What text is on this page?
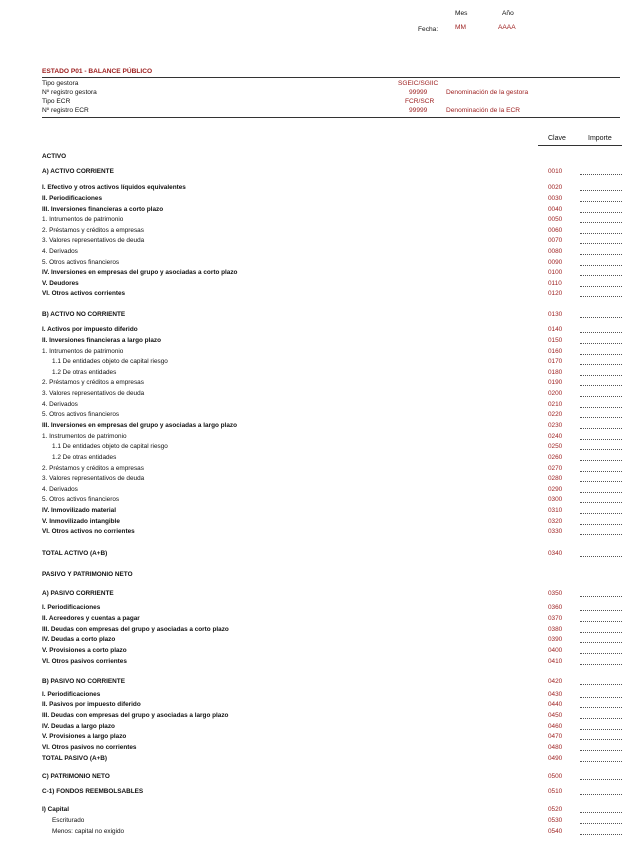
Mes	Año
Fecha:	MM	AAAA
ESTADO P01 - BALANCE PÚBLICO
Tipo gestora	SGEIC/SGIIC
Nº registro gestora	99999	Denominación de la gestora
Tipo ECR	FCR/SCR
Nº registro ECR	99999	Denominación de la ECR
Clave	Importe
ACTIVO
A) ACTIVO CORRIENTE	0010
I. Efectivo y otros activos líquidos equivalentes	0020
II. Periodificaciones	0030
III. Inversiones financieras a corto plazo	0040
1. Intrumentos de patrimonio	0050
2. Préstamos y créditos a empresas	0060
3. Valores representativos de deuda	0070
4. Derivados	0080
5. Otros activos financieros	0090
IV. Inversiones en empresas del grupo y asociadas a corto plazo	0100
V. Deudores	0110
VI. Otros activos corrientes	0120
B) ACTIVO NO CORRIENTE	0130
I. Activos por impuesto diferido	0140
II. Inversiones financieras a largo plazo	0150
1. Intrumentos de patrimonio	0160
1.1 De entidades objeto de capital riesgo	0170
1.2 De otras entidades	0180
2. Préstamos y créditos a empresas	0190
3. Valores representativos de deuda	0200
4. Derivados	0210
5. Otros activos financieros	0220
III. Inversiones en empresas del grupo y asociadas a largo plazo	0230
1. Instrumentos de patrimonio	0240
1.1 De entidades objeto de capital riesgo	0250
1.2 De otras entidades	0260
2. Préstamos y créditos a empresas	0270
3. Valores representativos de deuda	0280
4. Derivados	0290
5. Otros activos financieros	0300
IV. Inmovilizado material	0310
V. Inmovilizado intangible	0320
VI. Otros activos no corrientes	0330
TOTAL ACTIVO (A+B)	0340
PASIVO Y PATRIMONIO NETO
A) PASIVO CORRIENTE	0350
I. Periodificaciones	0360
II. Acreedores y cuentas a pagar	0370
III. Deudas con empresas del grupo y asociadas a corto plazo	0380
IV. Deudas a corto plazo	0390
V. Provisiones a corto plazo	0400
VI. Otros pasivos corrientes	0410
B) PASIVO NO CORRIENTE	0420
I. Periodificaciones	0430
II. Pasivos por impuesto diferido	0440
III. Deudas con empresas del grupo y asociadas a largo plazo	0450
IV. Deudas a largo plazo	0460
V. Provisiones a largo plazo	0470
VI. Otros pasivos no corrientes	0480
TOTAL PASIVO (A+B)	0490
C) PATRIMONIO NETO	0500
C-1) FONDOS REEMBOLSABLES	0510
I) Capital	0520
Escriturado	0530
Menos: capital no exigido	0540
